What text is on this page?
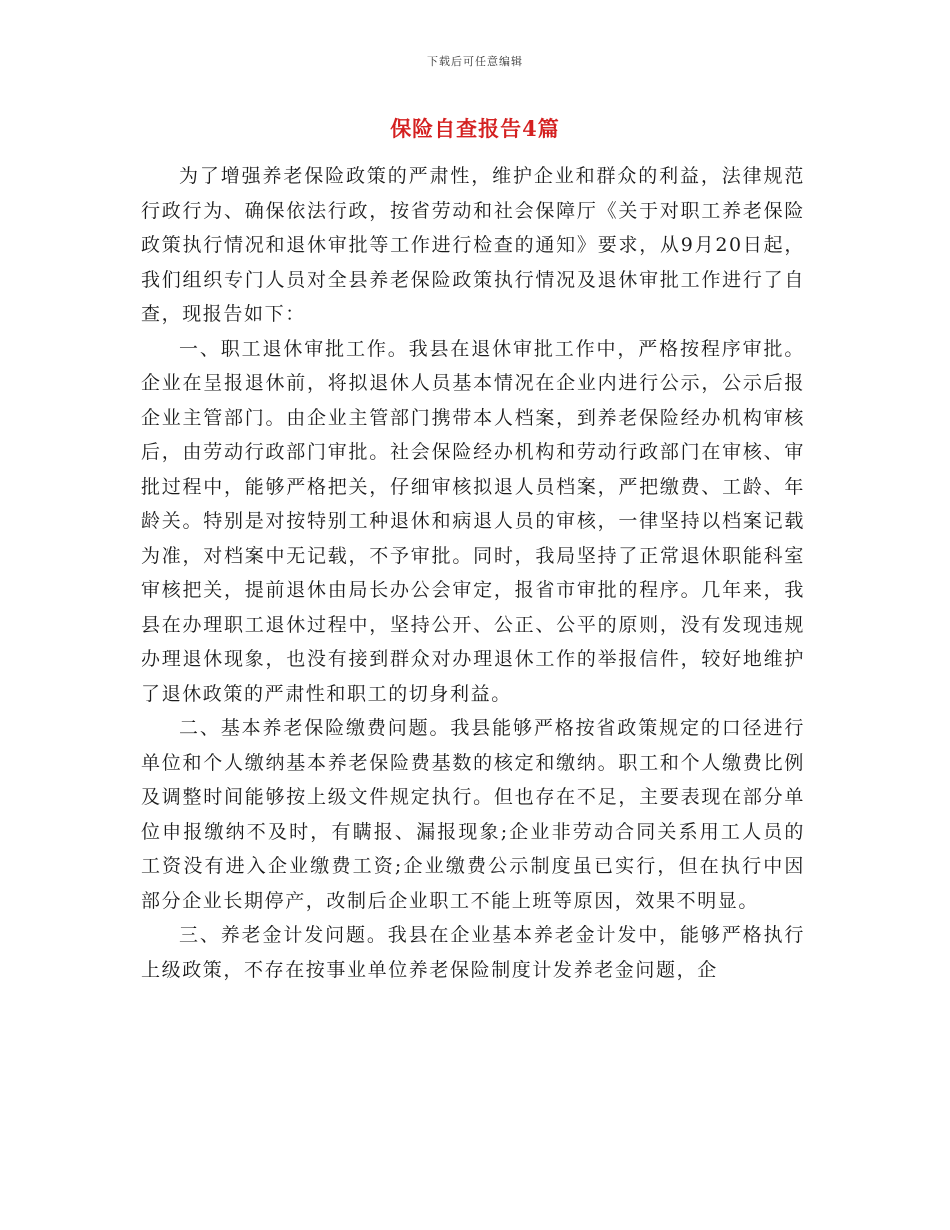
下载后可任意编辑
保险自查报告4篇

为了增强养老保险政策的严肃性，维护企业和群众的利益，法律规范行政行为、确保依法行政，按省劳动和社会保障厅《关于对职工养老保险政策执行情况和退休审批等工作进行检查的通知》要求，从9月20日起，我们组织专门人员对全县养老保险政策执行情况及退休审批工作进行了自查，现报告如下：

一、职工退休审批工作。我县在退休审批工作中，严格按程序审批。企业在呈报退休前，将拟退休人员基本情况在企业内进行公示，公示后报企业主管部门。由企业主管部门携带本人档案，到养老保险经办机构审核后，由劳动行政部门审批。社会保险经办机构和劳动行政部门在审核、审批过程中，能够严格把关，仔细审核拟退人员档案，严把缴费、工龄、年龄关。特别是对按特别工种退休和病退人员的审核，一律坚持以档案记载为准，对档案中无记载，不予审批。同时，我局坚持了正常退休职能科室审核把关，提前退休由局长办公会审定，报省市审批的程序。几年来，我县在办理职工退休过程中，坚持公开、公正、公平的原则，没有发现违规办理退休现象，也没有接到群众对办理退休工作的举报信件，较好地维护了退休政策的严肃性和职工的切身利益。

二、基本养老保险缴费问题。我县能够严格按省政策规定的口径进行单位和个人缴纳基本养老保险费基数的核定和缴纳。职工和个人缴费比例及调整时间能够按上级文件规定执行。但也存在不足，主要表现在部分单位申报缴纳不及时，有瞒报、漏报现象;企业非劳动合同关系用工人员的工资没有进入企业缴费工资;企业缴费公示制度虽已实行，但在执行中因部分企业长期停产，改制后企业职工不能上班等原因，效果不明显。

三、养老金计发问题。我县在企业基本养老金计发中，能够严格执行上级政策，不存在按事业单位养老保险制度计发养老金问题，企
